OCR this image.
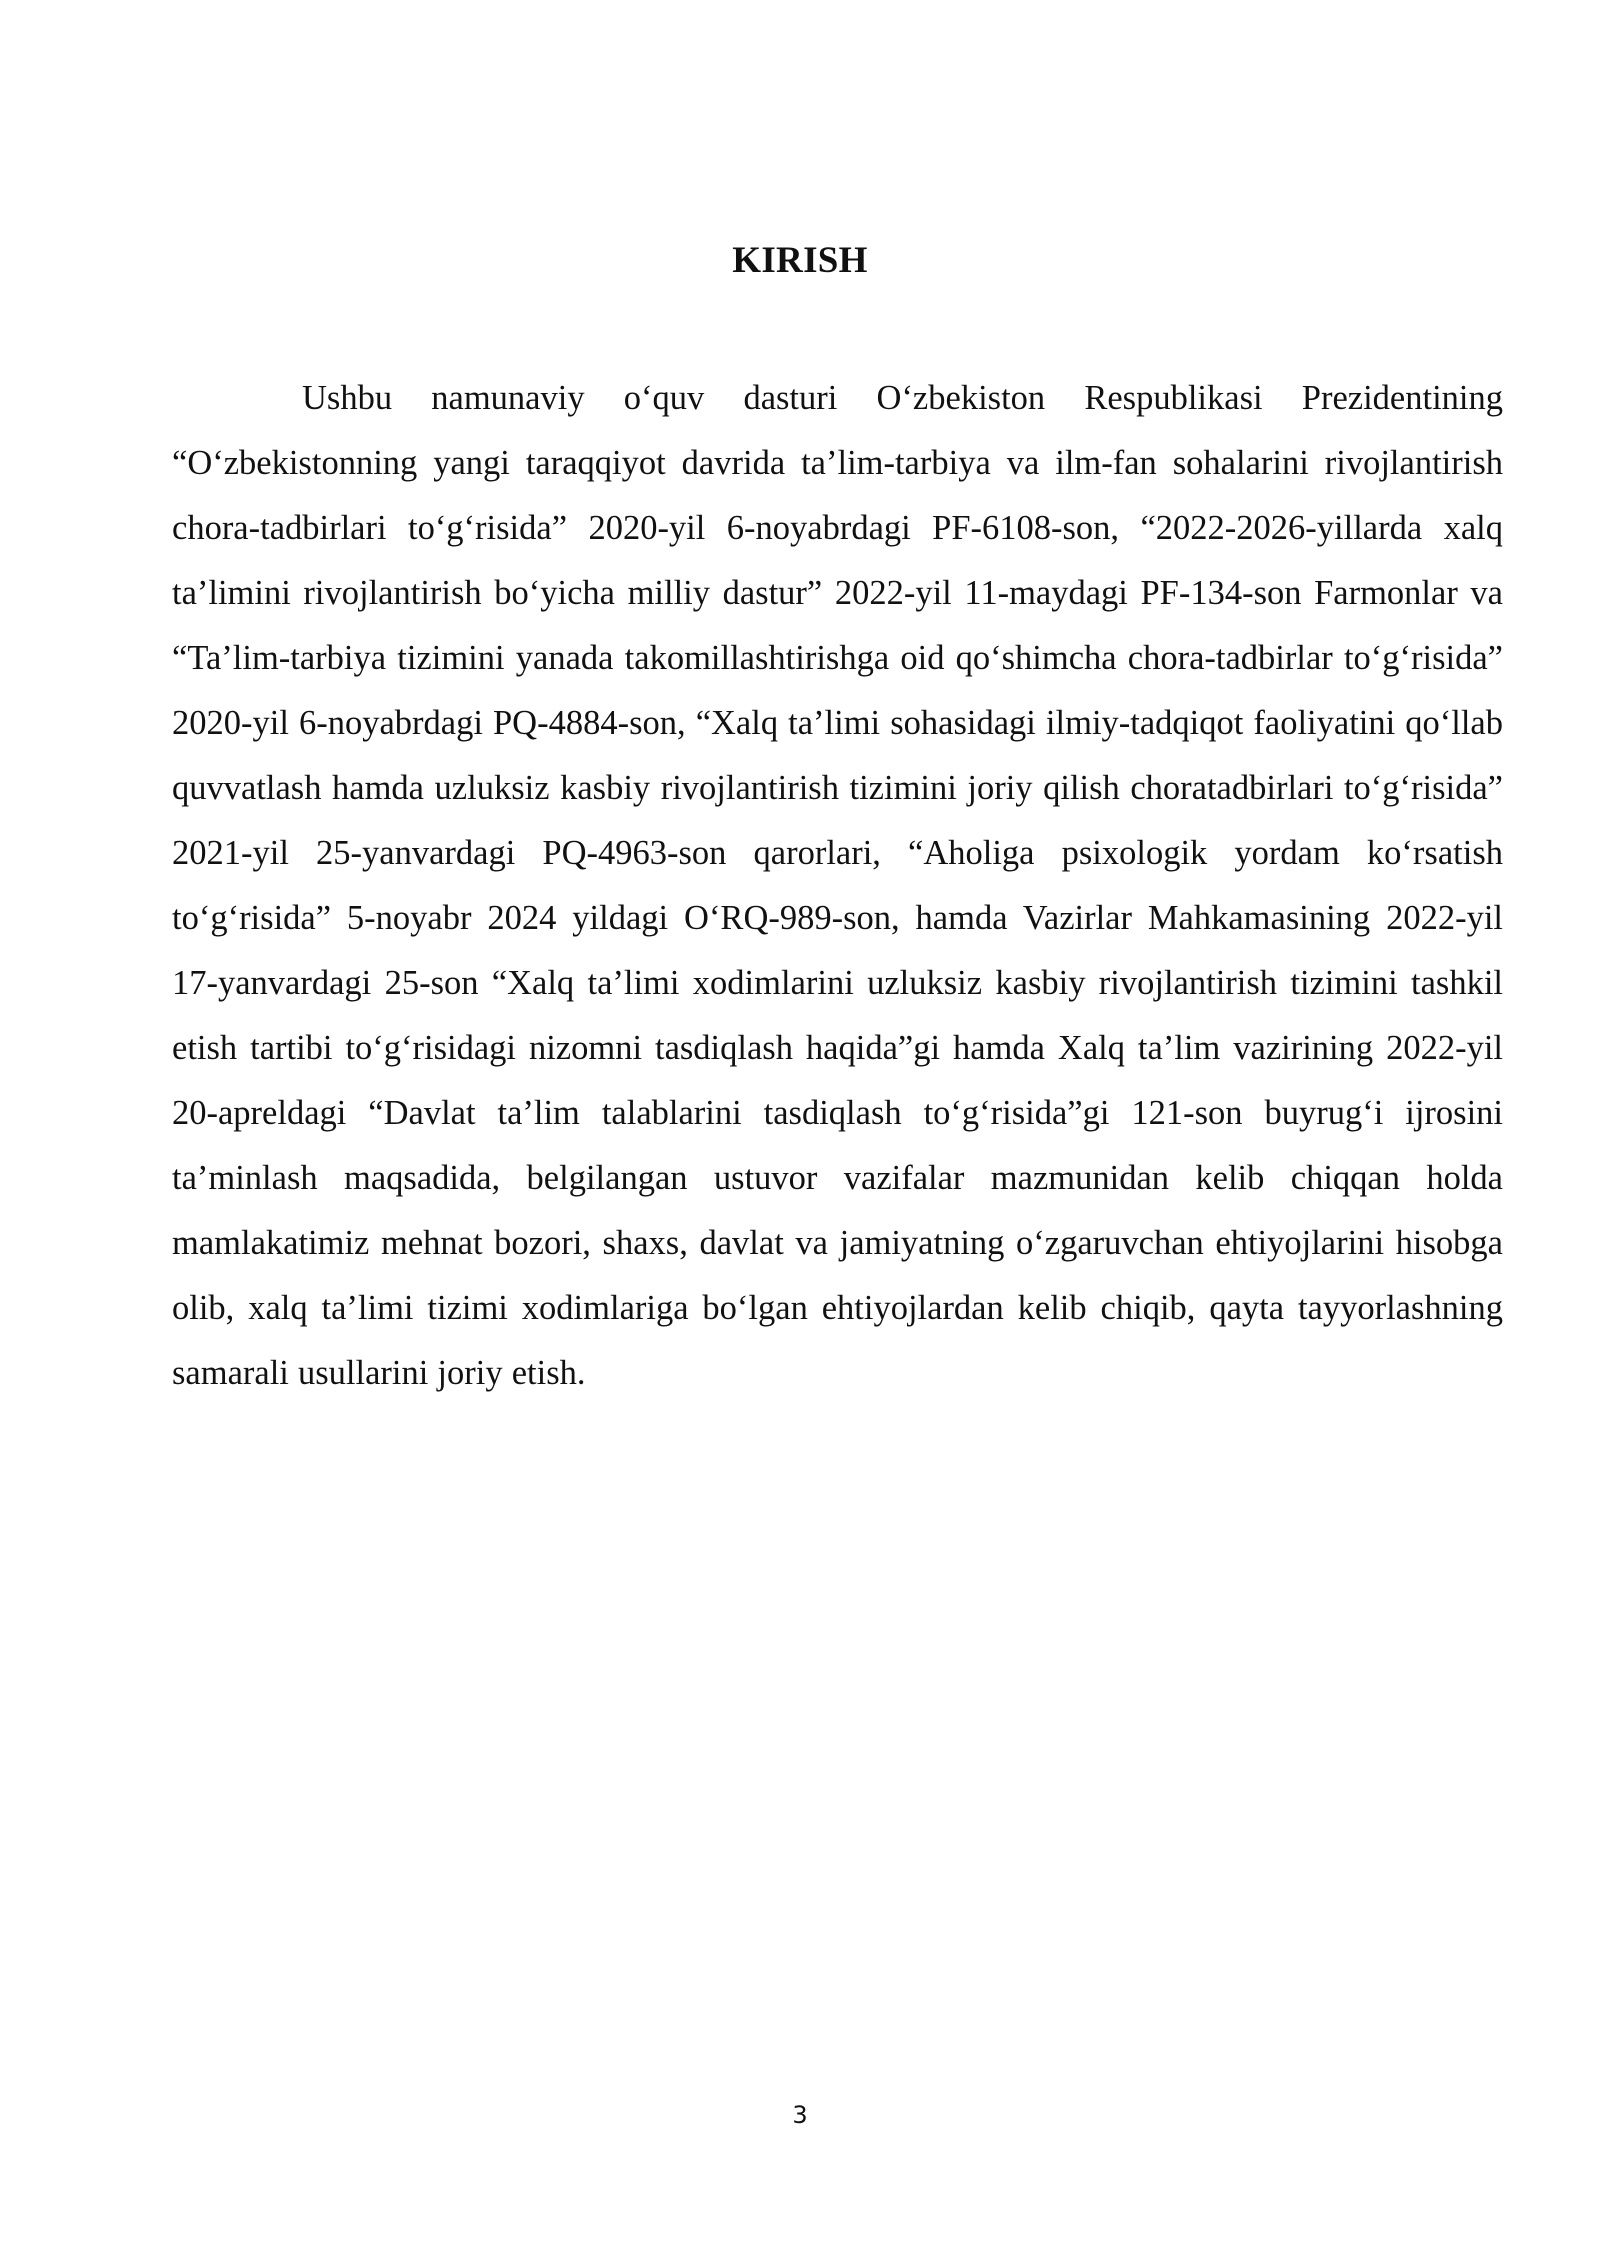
KIRISH

Ushbu namunaviy o‘quv dasturi O‘zbekiston Respublikasi Prezidentining “O‘zbekistonning yangi taraqqiyot davrida ta’lim-tarbiya va ilm-fan sohalarini rivojlantirish chora-tadbirlari to‘g‘risida” 2020-yil 6-noyabrdagi PF-6108-son, “2022-2026-yillarda xalq ta’limini rivojlantirish bo‘yicha milliy dastur” 2022-yil 11-maydagi PF-134-son Farmonlar va “Ta’lim-tarbiya tizimini yanada takomillashtirishga oid qo‘shimcha chora-tadbirlar to‘g‘risida” 2020-yil 6-noyabrdagi PQ-4884-son, “Xalq ta’limi sohasidagi ilmiy-tadqiqot faoliyatini qo‘llab quvvatlash hamda uzluksiz kasbiy rivojlantirish tizimini joriy qilish choratadbirlari to‘g‘risida” 2021-yil 25-yanvardagi PQ-4963-son qarorlari, “Aholiga psixologik yordam ko‘rsatish to‘g‘risida” 5-noyabr 2024 yildagi O‘RQ-989-son, hamda Vazirlar Mahkamasining 2022-yil 17-yanvardagi 25-son “Xalq ta’limi xodimlarini uzluksiz kasbiy rivojlantirish tizimini tashkil etish tartibi to‘g‘risidagi nizomni tasdiqlash haqida”gi hamda Xalq ta’lim vazirining 2022-yil 20-apreldagi “Davlat ta’lim talablarini tasdiqlash to‘g‘risida”gi 121-son buyrug‘i ijrosini ta’minlash maqsadida, belgilangan ustuvor vazifalar mazmunidan kelib chiqqan holda mamlakatimiz mehnat bozori, shaxs, davlat va jamiyatning o‘zgaruvchan ehtiyojlarini hisobga olib, xalq ta’limi tizimi xodimlariga bo‘lgan ehtiyojlardan kelib chiqib, qayta tayyorlashning samarali usullarini joriy etish.

3
